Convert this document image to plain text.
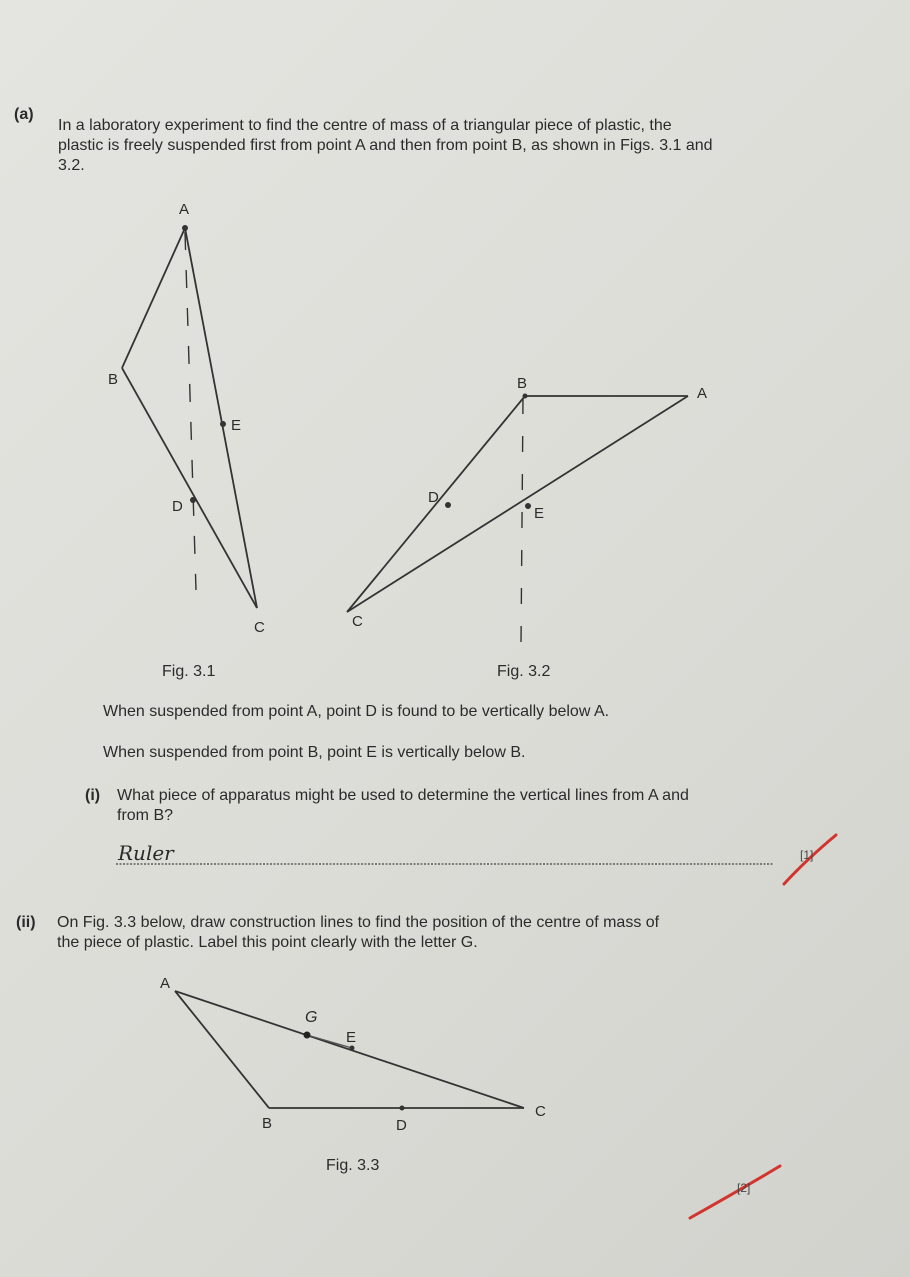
(a)

In a laboratory experiment to find the centre of mass of a triangular piece of plastic, the

plastic is freely suspended first from point A and then from point B, as shown in Figs. 3.1 and

3.2.

A
B
E
D
C
Fig. 3.1
B
A
D
E
C
Fig. 3.2

When suspended from point A, point D is found to be vertically below A.

When suspended from point B, point E is vertically below B.

(i) What piece of apparatus might be used to determine the vertical lines from A and

from B?

Ruler	[1]

(ii) On Fig. 3.3 below, draw construction lines to find the position of the centre of mass of

the piece of plastic. Label this point clearly with the letter G.

A
G
E
B	D
C
Fig. 3.3

[2]
